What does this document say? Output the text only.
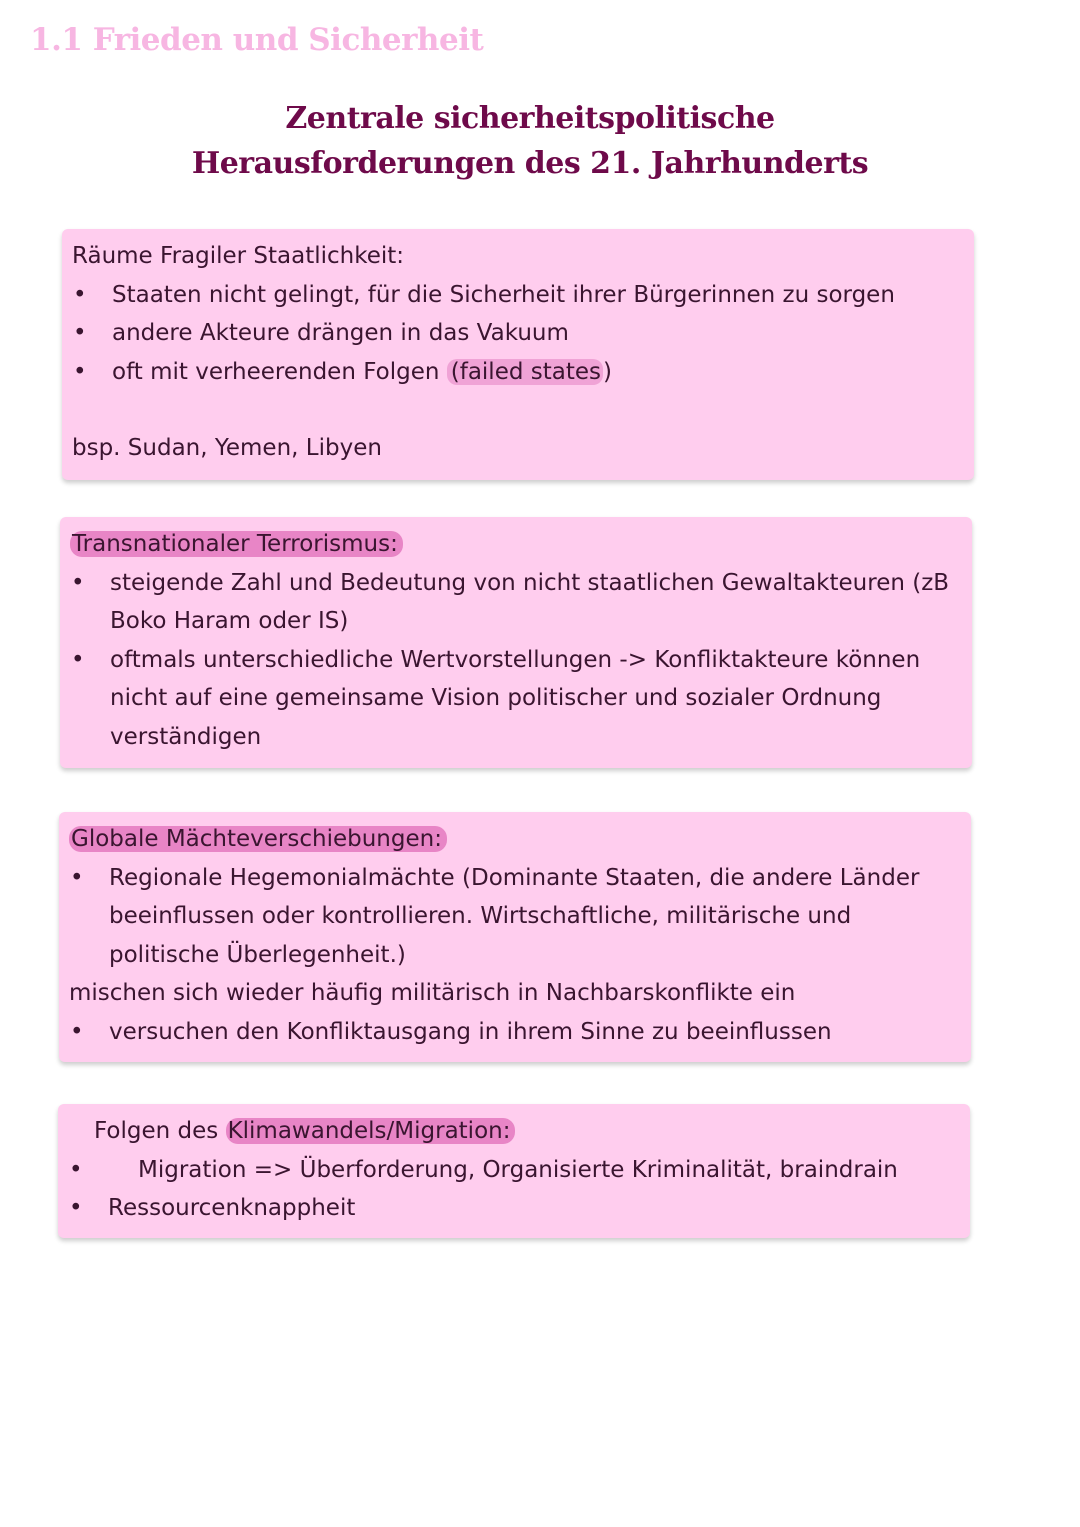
1.1 Frieden und Sicherheit
Zentrale sicherheitspolitische
Herausforderungen des 21. Jahrhunderts

Räume Fragiler Staatlichkeit:

• Staaten nicht gelingt, für die Sicherheit ihrer Bürgerinnen zu sorgen
• andere Akteure drängen in das Vakuum
• oft mit verheerenden Folgen (failed states)

bsp. Sudan, Yemen, Libyen

Transnationaler Terrorismus:

• steigende Zahl und Bedeutung von nicht staatlichen Gewaltakteuren (zB Boko Haram oder IS)
• oftmals unterschiedliche Wertvorstellungen -> Konfliktakteure können nicht auf eine gemeinsame Vision politischer und sozialer Ordnung verständigen

Globale Mächteverschiebungen:

• Regionale Hegemonialmächte (Dominante Staaten, die andere Länder beeinflussen oder kontrollieren. Wirtschaftliche, militärische und politische Überlegenheit.)

mischen sich wieder häufig militärisch in Nachbarskonflikte ein

• versuchen den Konfliktausgang in ihrem Sinne zu beeinflussen

Folgen des Klimawandels/Migration:

• Migration => Überforderung, Organisierte Kriminalität, braindrain
• Ressourcenknappheit
